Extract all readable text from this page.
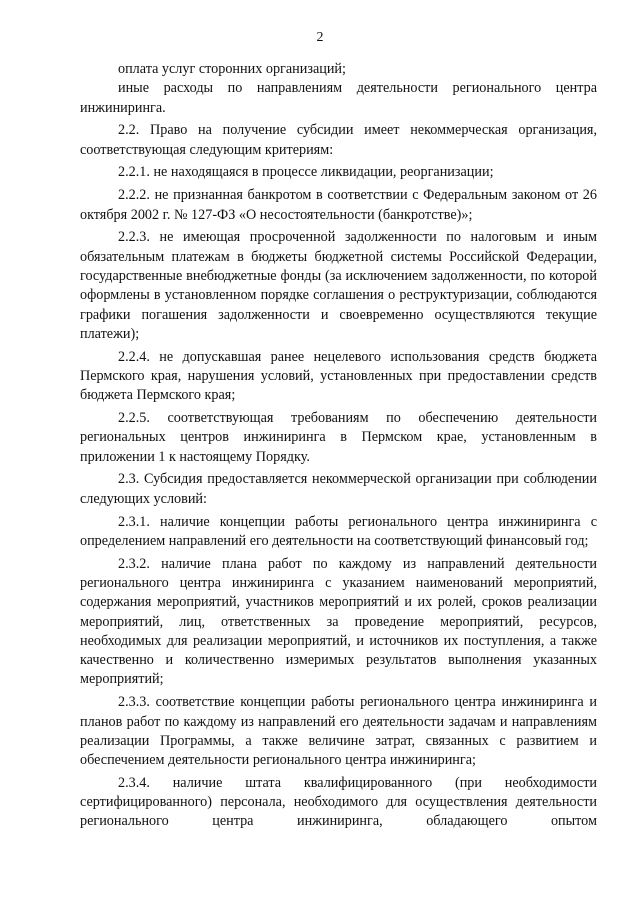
2

оплата услуг сторонних организаций;

иные расходы по направлениям деятельности регионального центра инжиниринга.

2.2. Право на получение субсидии имеет некоммерческая организация, соответствующая следующим критериям:

2.2.1. не находящаяся в процессе ликвидации, реорганизации;

2.2.2. не признанная банкротом в соответствии с Федеральным законом от 26 октября 2002 г. № 127-ФЗ «О несостоятельности (банкротстве)»;

2.2.3. не имеющая просроченной задолженности по налоговым и иным обязательным платежам в бюджеты бюджетной системы Российской Федерации, государственные внебюджетные фонды (за исключением задолженности, по которой оформлены в установленном порядке соглашения о реструктуризации, соблюдаются графики погашения задолженности и своевременно осуществляются текущие платежи);

2.2.4. не допускавшая ранее нецелевого использования средств бюджета Пермского края, нарушения условий, установленных при предоставлении средств бюджета Пермского края;

2.2.5. соответствующая требованиям по обеспечению деятельности региональных центров инжиниринга в Пермском крае, установленным в приложении 1 к настоящему Порядку.

2.3. Субсидия предоставляется некоммерческой организации при соблюдении следующих условий:

2.3.1. наличие концепции работы регионального центра инжиниринга с определением направлений его деятельности на соответствующий финансовый год;

2.3.2. наличие плана работ по каждому из направлений деятельности регионального центра инжиниринга с указанием наименований мероприятий, содержания мероприятий, участников мероприятий и их ролей, сроков реализации мероприятий, лиц, ответственных за проведение мероприятий, ресурсов, необходимых для реализации мероприятий, и источников их поступления, а также качественно и количественно измеримых результатов выполнения указанных мероприятий;

2.3.3. соответствие концепции работы регионального центра инжиниринга и планов работ по каждому из направлений его деятельности задачам и направлениям реализации Программы, а также величине затрат, связанных с развитием и обеспечением деятельности регионального центра инжиниринга;

2.3.4. наличие штата квалифицированного (при необходимости сертифицированного) персонала, необходимого для осуществления деятельности регионального центра инжиниринга, обладающего опытом
